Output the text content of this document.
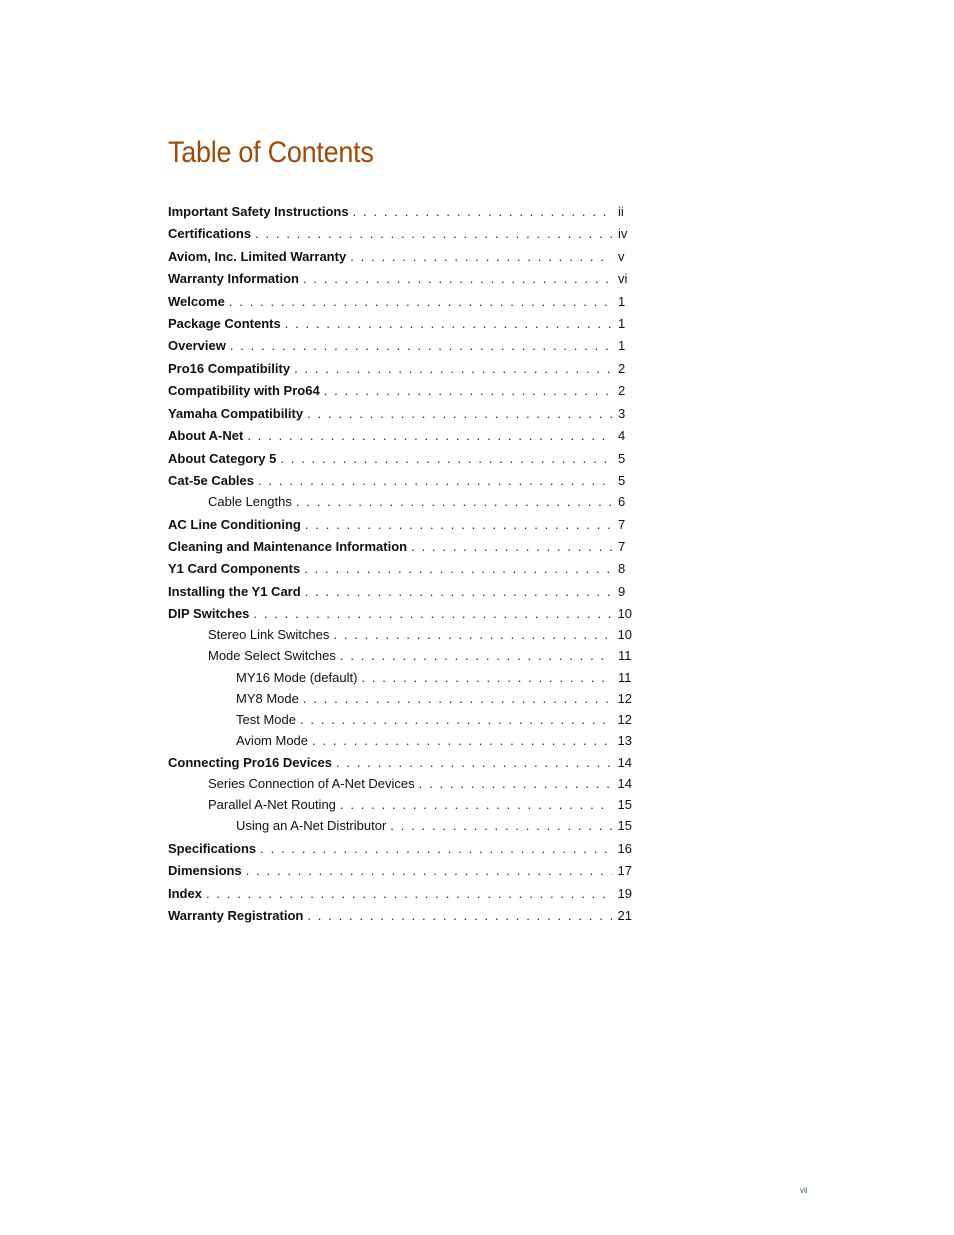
Table of Contents
Important Safety Instructions . . .	ii
Certifications . . .	iv
Aviom, Inc. Limited Warranty . . .	v
Warranty Information . . .	vi
Welcome . . .	1
Package Contents . . .	1
Overview . . .	1
Pro16 Compatibility . . .	2
Compatibility with Pro64 . . .	2
Yamaha Compatibility . . .	3
About A-Net . . .	4
About Category 5 . . .	5
Cat-5e Cables . . .	5
Cable Lengths . . .	6
AC Line Conditioning . . .	7
Cleaning and Maintenance Information . . .	7
Y1 Card Components . . .	8
Installing the Y1 Card . . .	9
DIP Switches . . .	10
Stereo Link Switches . . .	10
Mode Select Switches . . .	11
MY16 Mode (default) . . .	11
MY8 Mode . . .	12
Test Mode . . .	12
Aviom Mode . . .	13
Connecting Pro16 Devices . . .	14
Series Connection of A-Net Devices . . .	14
Parallel A-Net Routing . . .	15
Using an A-Net Distributor . . .	15
Specifications . . .	16
Dimensions . . .	17
Index . . .	19
Warranty Registration . . .	21
vii
